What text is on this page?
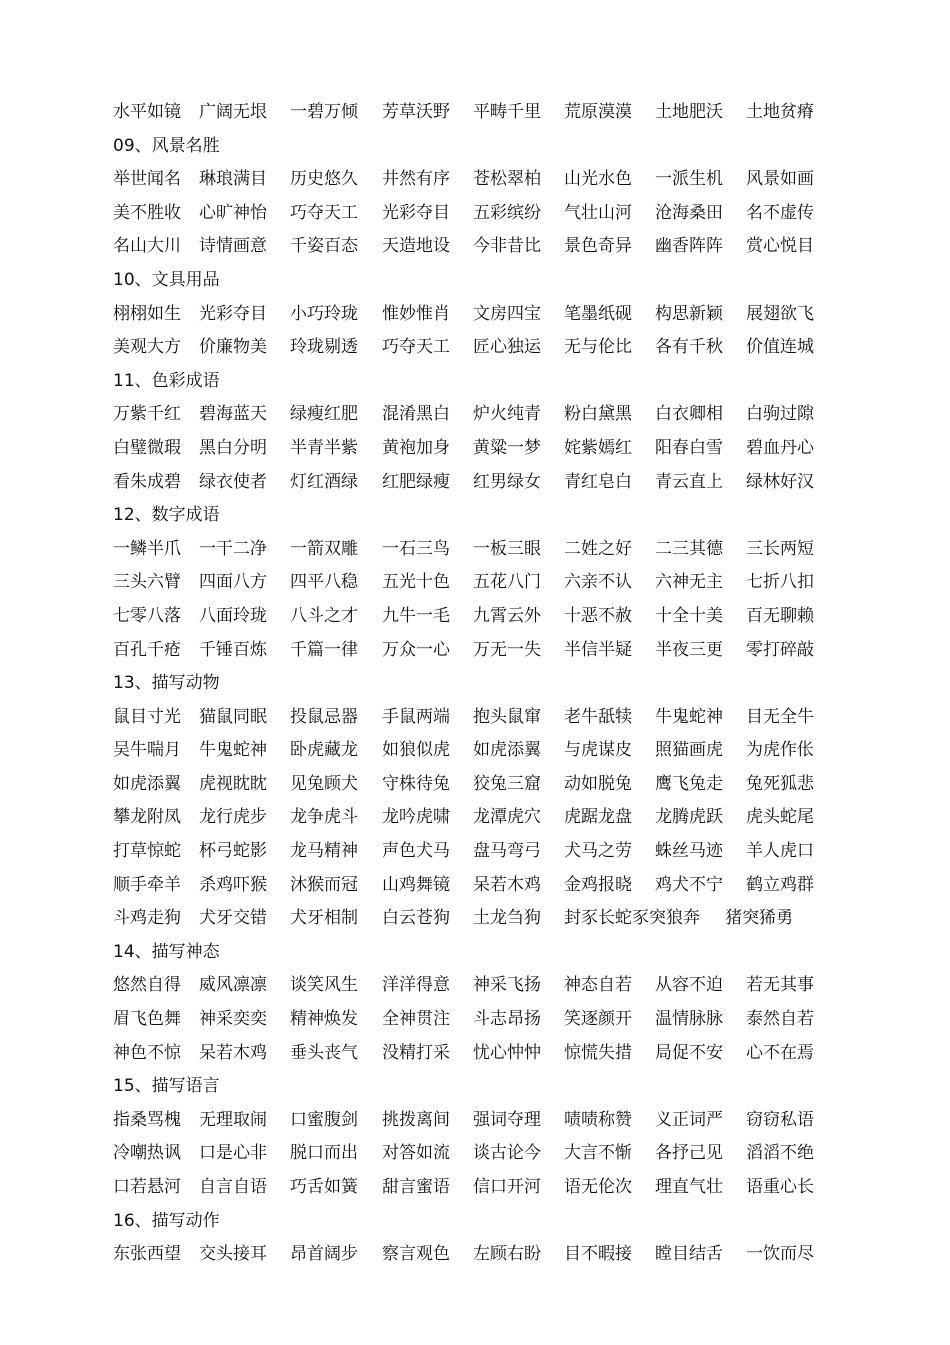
水平如镜 广阔无垠 一碧万倾 芳草沃野 平畴千里 荒原漠漠 土地肥沃 土地贫瘠
09、风景名胜
举世闻名 琳琅满目 历史悠久 井然有序 苍松翠柏 山光水色 一派生机 风景如画
美不胜收 心旷神怡 巧夺天工 光彩夺目 五彩缤纷 气壮山河 沧海桑田 名不虚传
名山大川 诗情画意 千姿百态 天造地设 今非昔比 景色奇异 幽香阵阵 赏心悦目
10、文具用品
栩栩如生 光彩夺目 小巧玲珑 惟妙惟肖 文房四宝 笔墨纸砚 构思新颖 展翅欲飞
美观大方 价廉物美 玲珑剔透 巧夺天工 匠心独运 无与伦比 各有千秋 价值连城
11、色彩成语
万紫千红 碧海蓝天 绿瘦红肥 混淆黑白 炉火纯青 粉白黛黑 白衣卿相 白驹过隙
白璧微瑕 黑白分明 半青半紫 黄袍加身 黄粱一梦 姹紫嫣红 阳春白雪 碧血丹心
看朱成碧 绿衣使者 灯红酒绿 红肥绿瘦 红男绿女 青红皂白 青云直上 绿林好汉
12、数字成语
一鳞半爪 一干二净 一箭双雕 一石三鸟 一板三眼 二姓之好 二三其德 三长两短
三头六臂 四面八方 四平八稳 五光十色 五花八门 六亲不认 六神无主 七折八扣
七零八落 八面玲珑 八斗之才 九牛一毛 九霄云外 十恶不赦 十全十美 百无聊赖
百孔千疮 千锤百炼 千篇一律 万众一心 万无一失 半信半疑 半夜三更 零打碎敲
13、描写动物
鼠目寸光 猫鼠同眠 投鼠忌器 手鼠两端 抱头鼠窜 老牛舐犊 牛鬼蛇神 目无全牛
吴牛喘月 牛鬼蛇神 卧虎藏龙 如狼似虎 如虎添翼 与虎谋皮 照猫画虎 为虎作伥
如虎添翼 虎视眈眈 见兔顾犬 守株待兔 狡兔三窟 动如脱兔 鹰飞兔走 兔死狐悲
攀龙附凤 龙行虎步 龙争虎斗 龙吟虎啸 龙潭虎穴 虎踞龙盘 龙腾虎跃 虎头蛇尾
打草惊蛇 杯弓蛇影 龙马精神 声色犬马 盘马弯弓 犬马之劳 蛛丝马迹 羊人虎口
顺手牵羊 杀鸡吓猴 沐猴而冠 山鸡舞镜 呆若木鸡 金鸡报晓 鸡犬不宁 鹤立鸡群
斗鸡走狗 犬牙交错 犬牙相制 白云苍狗 土龙刍狗 封豕长蛇豕突狼奔 猪突狶勇
14、描写神态
悠然自得 威风凛凛 谈笑风生 洋洋得意 神采飞扬 神态自若 从容不迫 若无其事
眉飞色舞 神采奕奕 精神焕发 全神贯注 斗志昂扬 笑逐颜开 温情脉脉 泰然自若
神色不惊 呆若木鸡 垂头丧气 没精打采 忧心忡忡 惊慌失措 局促不安 心不在焉
15、描写语言
指桑骂槐 无理取闹 口蜜腹剑 挑拨离间 强词夺理 啧啧称赞 义正词严 窃窃私语
冷嘲热讽 口是心非 脱口而出 对答如流 谈古论今 大言不惭 各抒己见 滔滔不绝
口若悬河 自言自语 巧舌如簧 甜言蜜语 信口开河 语无伦次 理直气壮 语重心长
16、描写动作
东张西望 交头接耳 昂首阔步 察言观色 左顾右盼 目不暇接 瞠目结舌 一饮而尽
